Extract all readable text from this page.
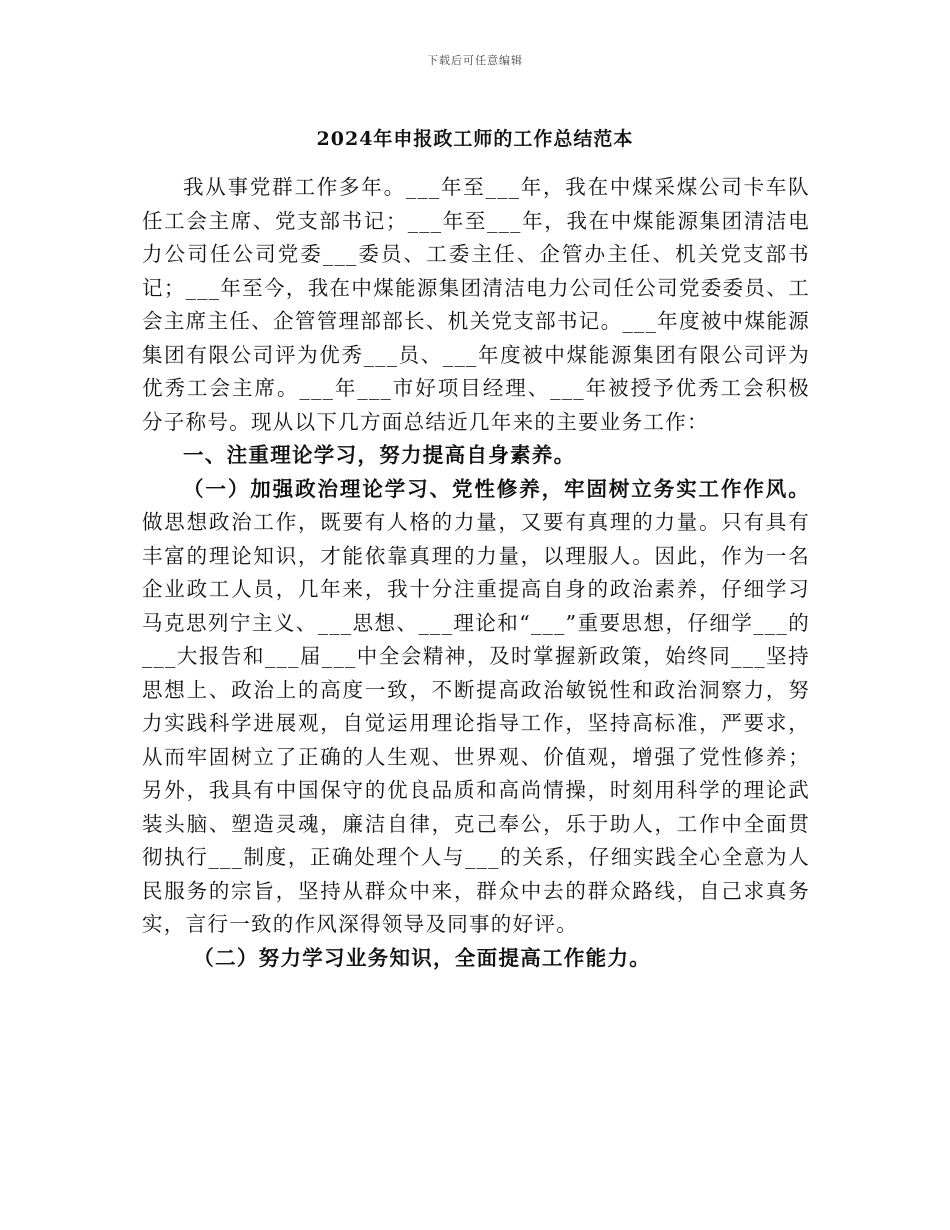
下载后可任意编辑
2024年申报政工师的工作总结范本

我从事党群工作多年。___年至___年，我在中煤采煤公司卡车队任工会主席、党支部书记；___年至___年，我在中煤能源集团清洁电力公司任公司党委___委员、工委主任、企管办主任、机关党支部书记；___年至今，我在中煤能源集团清洁电力公司任公司党委委员、工会主席主任、企管管理部部长、机关党支部书记。___年度被中煤能源集团有限公司评为优秀___员、___年度被中煤能源集团有限公司评为优秀工会主席。___年___市好项目经理、___年被授予优秀工会积极分子称号。现从以下几方面总结近几年来的主要业务工作：

一、注重理论学习，努力提高自身素养。

（一）加强政治理论学习、党性修养，牢固树立务实工作作风。做思想政治工作，既要有人格的力量，又要有真理的力量。只有具有丰富的理论知识，才能依靠真理的力量，以理服人。因此，作为一名企业政工人员，几年来，我十分注重提高自身的政治素养，仔细学习马克思列宁主义、___思想、___理论和“___”重要思想，仔细学___的___大报告和___届___中全会精神，及时掌握新政策，始终同___坚持思想上、政治上的高度一致，不断提高政治敏锐性和政治洞察力，努力实践科学进展观，自觉运用理论指导工作，坚持高标准，严要求，从而牢固树立了正确的人生观、世界观、价值观，增强了党性修养；另外，我具有中国保守的优良品质和高尚情操，时刻用科学的理论武装头脑、塑造灵魂，廉洁自律，克己奉公，乐于助人，工作中全面贯彻执行___制度，正确处理个人与___的关系，仔细实践全心全意为人民服务的宗旨，坚持从群众中来，群众中去的群众路线，自己求真务实，言行一致的作风深得领导及同事的好评。

（二）努力学习业务知识，全面提高工作能力。
